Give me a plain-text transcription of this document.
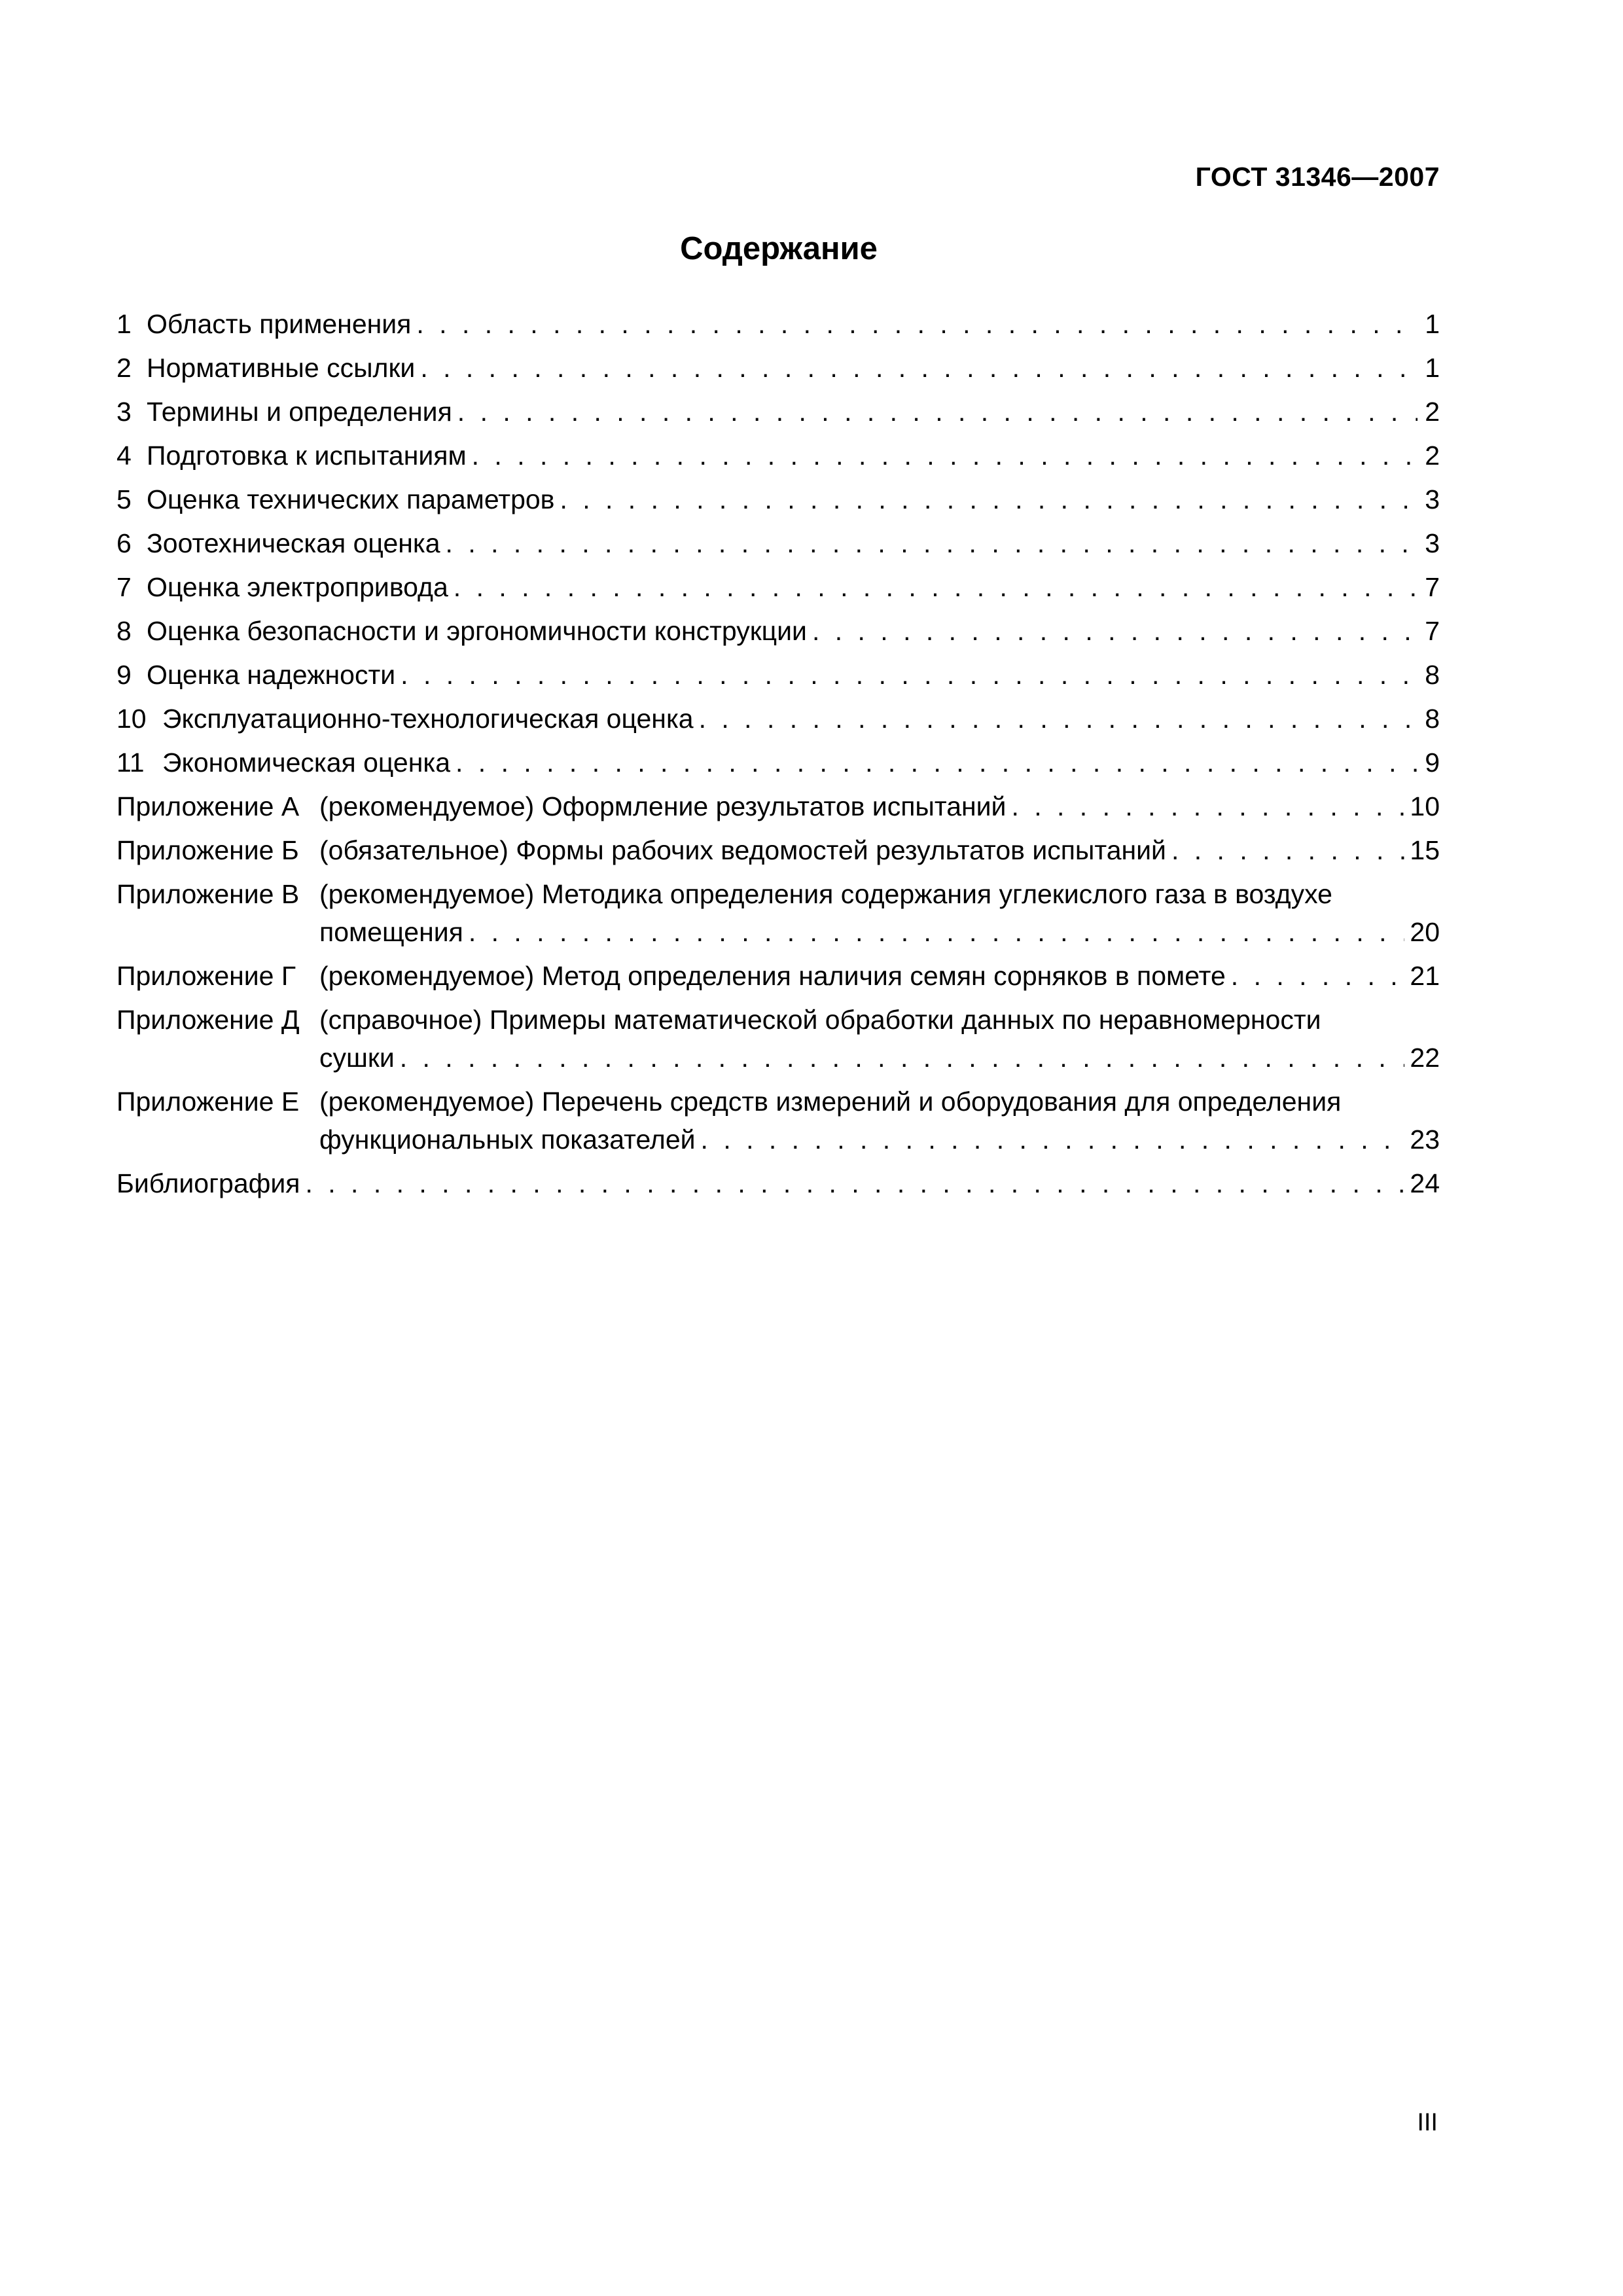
ГОСТ 31346—2007

Содержание
1 Область применения . . .	1
2 Нормативные ссылки . . .	1
3 Термины и определения . . .	2
4 Подготовка к испытаниям . . .	2
5 Оценка технических параметров . . .	3
6 Зоотехническая оценка . . .	3
7 Оценка электропривода . . .	7
8 Оценка безопасности и эргономичности конструкции . . .	7
9 Оценка надежности . . .	8
10 Эксплуатационно-технологическая оценка . . .	8
11 Экономическая оценка . . .	9
Приложение А (рекомендуемое) Оформление результатов испытаний . . .	10
Приложение Б (обязательное) Формы рабочих ведомостей результатов испытаний . . .	15
Приложение В (рекомендуемое) Методика определения содержания углекислого газа в воздухе
помещения . . .	20
Приложение Г (рекомендуемое) Метод определения наличия семян сорняков в помете . . .	21
Приложение Д (справочное) Примеры математической обработки данных по неравномерности
сушки . . .	22
Приложение Е (рекомендуемое) Перечень средств измерений и оборудования для определения
функциональных показателей . . .	23
Библиография . . .	24

III
